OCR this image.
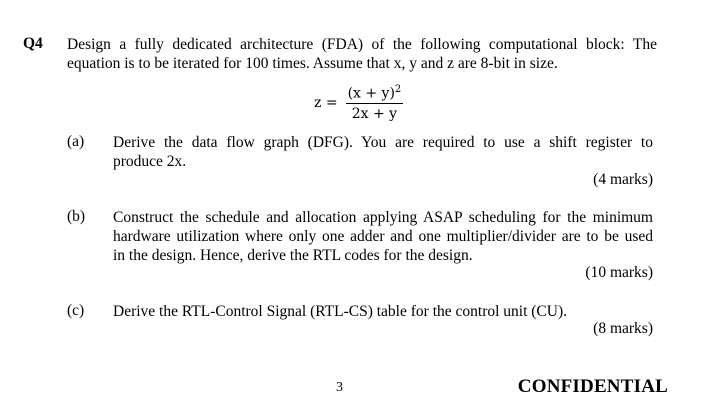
Q4 Design a fully dedicated architecture (FDA) of the following computational block: The
equation is to be iterated for 100 times. Assume that x, y and z are 8-bit in size.
$z = \frac{(x + y)^2}{2x + y}$
(a) Derive the data flow graph (DFG). You are required to use a shift register to
produce 2x.
(4 marks)
(b) Construct the schedule and allocation applying ASAP scheduling for the minimum
hardware utilization where only one adder and one multiplier/divider are to be used
in the design. Hence, derive the RTL codes for the design.
(10 marks)
(c) Derive the RTL-Control Signal (RTL-CS) table for the control unit (CU).
(8 marks)
3	CONFIDENTIAL
